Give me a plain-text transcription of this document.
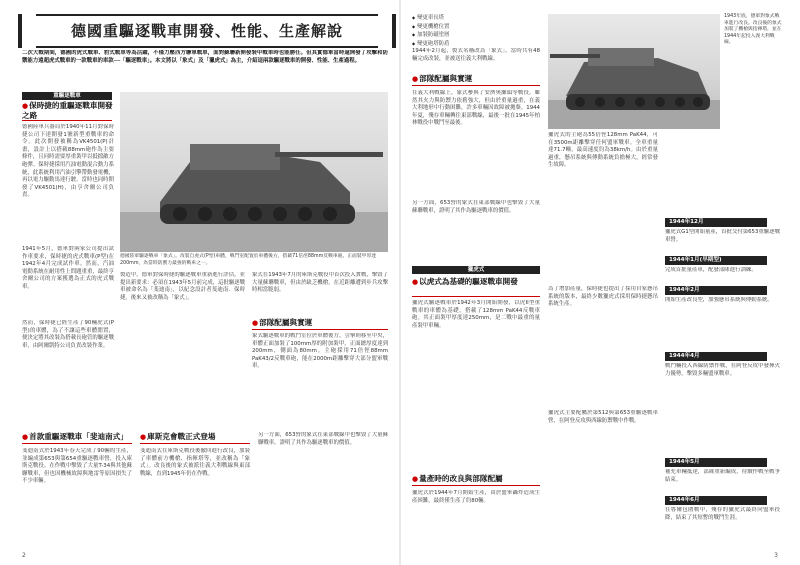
德國重驅逐戰車開發、性能、生產解說
二次大戰期間，德國的虎式戰車、豹式戰車等為活躍，不僅力壓西方聯軍戰車，面對蘇聯新開發裝甲戰車時也能勝任。但其實德軍當時還開發了攻擊和防禦能力遠超虎式戰車的一款戰車的車款──「驅逐戰車」。本文將以「象式」及「獵虎式」為主，介紹這兩款驅逐戰車的開發、性能、生產過程。
重驅逐戰車
●保時捷的重驅逐戰車開發之路
德國陸軍兵器局於1940年11月對保時捷公司下達開發1號新型重戰車的命令。此次開發被稱為VK4501(P)計畫，設計上以搭載88mm砲作為主要條件，且同時需要厚重裝甲以抵擋敵方砲彈。保時捷採用汽油電動混合動力系統，此系統利用汽油引擎帶動發電機，再以電力驅動馬達行駛。當時也同時開發了VK4501(H)，由亨舍爾公司負責。
1941年5月，德軍對兩家公司提出試作車要求，保時捷的虎式戰車(P型)在1942年4月完成試作車。然而，汽油電動系統在耐用性上問題重重，最終亨舍爾公司的方案獲選為正式的虎式戰車。
然而，保時捷已經生產了90輛虎式(P型)的車體，為了不讓這些車體閒置，便決定將其改裝為搭載長砲管的驅逐戰車，由阿爾凱特公司負責改裝作業。
德國陸軍驅逐戰車「象式」。改裝自虎式(P型)車體，戰鬥室配置於車體後方，搭載71倍徑88mm反戰車砲。正面裝甲厚達200mm，為當時防禦力最強的戰車之一。
製造中，德軍對保時捷的驅逐戰車重新進行評估，並提出新要求：必須在1943年5月前完成，這批驅逐戰車被命名為「斐迪南」，以紀念設計者斐迪南．保時捷。後來又被改稱為「象式」。
象式在1943年7月的庫斯克戰役中首次投入實戰，擊毀了大量蘇聯戰車，但由於缺乏機槍，在近距離遭到步兵攻擊時相當脆弱。
●部隊配屬與實運
象式驅逐戰車的戰鬥室位於車體後方，引擎則移至中央，車體正面加裝了100mm厚的附加裝甲，正面總厚度達到200mm，側面為80mm。主砲採用71倍徑88mm PaK43/2反戰車砲，能在2000m距離擊穿大部分盟軍戰車。
●首款重驅逐戰車「斐迪南式」
斐迪南式於1943年春天完成了90輛的生產，並編成第653與第654重驅逐戰車營，投入庫斯克戰役。在作戰中擊毀了大量T-34與其他蘇聯戰車，但也因機械故障與地雷等原因損失了不少車輛。
●庫斯克會戰正式登場
斐迪南式在庫斯克戰役後撤回進行改良，加裝了車體前方機槍、指揮塔等，並改稱為「象式」。改良後的象式被派往義大利戰線與東部戰線，直到1945年仍在作戰。
另一方面，653營的象式在東部戰線中也擊毀了大量蘇聯戰車，證明了其作為驅逐戰車的價值。
2
◆ 變更車長塔
◆ 變更機槍位置
◆ 加裝防磁塗層
◆ 變更砲塔防盾
1944年2月起，製式名稱改為「象式」，當時共有48輛完成改裝，並被送往義大利戰線。
●部隊配屬與實運
在義大利戰線上，象式參與了安濟奧灘頭等戰役。雖然其火力與防禦力依舊強大，但由於重量過重，在義大利地形中行動困難，許多車輛因故障被拋棄。1944年夏，殘存車輛轉往東部戰線，最後一批在1945年柏林戰役中戰鬥至最後。
另一方面，653營的象式在東部戰線中也擊毀了大量蘇聯戰車，證明了其作為驅逐戰車的價值。
獵虎式
●以虎式為基礎的驅逐戰車開發
獵虎式驅逐戰車於1942年3月開始開發，以虎II型重戰車的車體為基礎，搭載了128mm PaK44反戰車砲。其正面裝甲厚度達250mm，是二戰中最重的量產裝甲車輛。
●量產時的改良與部隊配屬
獵虎式於1944年7月開始生產，由於盟軍轟炸造成生產困難，最終僅生產了約80輛。
獵虎式的主砲為55倍徑128mm PaK44，可在3500m距離擊穿任何盟軍戰車。全車重量達71.7噸，最高速度約為38km/h。由於重量過重，懸吊系統與傳動系統負擔極大，經常發生故障。
為了增加產量，保時捷也提出了採用自家懸吊系統的版本，最終少數獵虎式採用保時捷懸吊系統生產。
獵虎式主要配屬於第512與第653重驅逐戰車營，在阿登反攻與西線防禦戰中作戰。
1943年底，德軍對象式戰車進行改良。改良後的象式加裝了機槍與指揮塔，並在1944年起投入義大利戰線。
1944年12月
獵虎式G1型開始量產，首批交付第653重驅逐戰車營。
1944年1月(早期型)
完成首批量產車，配發部隊進行訓練。
1944年2月
開始生產改良型，加強懸吊系統與傳動系統。
1944年4月
戰鬥輛投入西線防禦作戰，在阿登反攻中發揮火力優勢，擊毀多輛盟軍戰車。
1944年5月
補充車輛抵達，部隊重新編成，持續作戰至戰爭結束。
1944年6月
在魯爾包圍戰中，殘存的獵虎式最終向盟軍投降，結束了其短暫的戰鬥生涯。
3
